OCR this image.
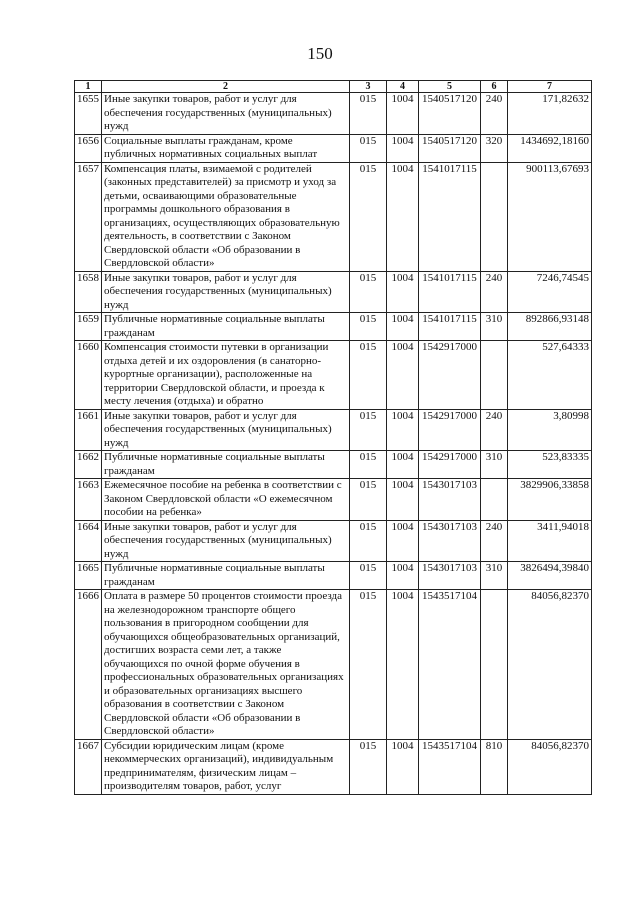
150
1	2	3	4	5	6	7
1655	Иные закупки товаров, работ и услуг для обеспечения государственных (муниципальных) нужд	015	1004	1540517120	240	171,82632
1656	Социальные выплаты гражданам, кроме публичных нормативных социальных выплат	015	1004	1540517120	320	1434692,18160
1657	Компенсация платы, взимаемой с родителей (законных представителей) за присмотр и уход за детьми, осваивающими образовательные программы дошкольного образования в организациях, осуществляющих образовательную деятельность, в соответствии с Законом Свердловской области «Об образовании в Свердловской области»	015	1004	1541017115		900113,67693
1658	Иные закупки товаров, работ и услуг для обеспечения государственных (муниципальных) нужд	015	1004	1541017115	240	7246,74545
1659	Публичные нормативные социальные выплаты гражданам	015	1004	1541017115	310	892866,93148
1660	Компенсация стоимости путевки в организации отдыха детей и их оздоровления (в санаторно-курортные организации), расположенные на территории Свердловской области, и проезда к месту лечения (отдыха) и обратно	015	1004	1542917000		527,64333
1661	Иные закупки товаров, работ и услуг для обеспечения государственных (муниципальных) нужд	015	1004	1542917000	240	3,80998
1662	Публичные нормативные социальные выплаты гражданам	015	1004	1542917000	310	523,83335
1663	Ежемесячное пособие на ребенка в соответствии с Законом Свердловской области «О ежемесячном пособии на ребенка»	015	1004	1543017103		3829906,33858
1664	Иные закупки товаров, работ и услуг для обеспечения государственных (муниципальных) нужд	015	1004	1543017103	240	3411,94018
1665	Публичные нормативные социальные выплаты гражданам	015	1004	1543017103	310	3826494,39840
1666	Оплата в размере 50 процентов стоимости проезда на железнодорожном транспорте общего пользования в пригородном сообщении для обучающихся общеобразовательных организаций, достигших возраста семи лет, а также обучающихся по очной форме обучения в профессиональных образовательных организациях и образовательных организациях высшего образования в соответствии с Законом Свердловской области «Об образовании в Свердловской области»	015	1004	1543517104		84056,82370
1667	Субсидии юридическим лицам (кроме некоммерческих организаций), индивидуальным предпринимателям, физическим лицам – производителям товаров, работ, услуг	015	1004	1543517104	810	84056,82370
